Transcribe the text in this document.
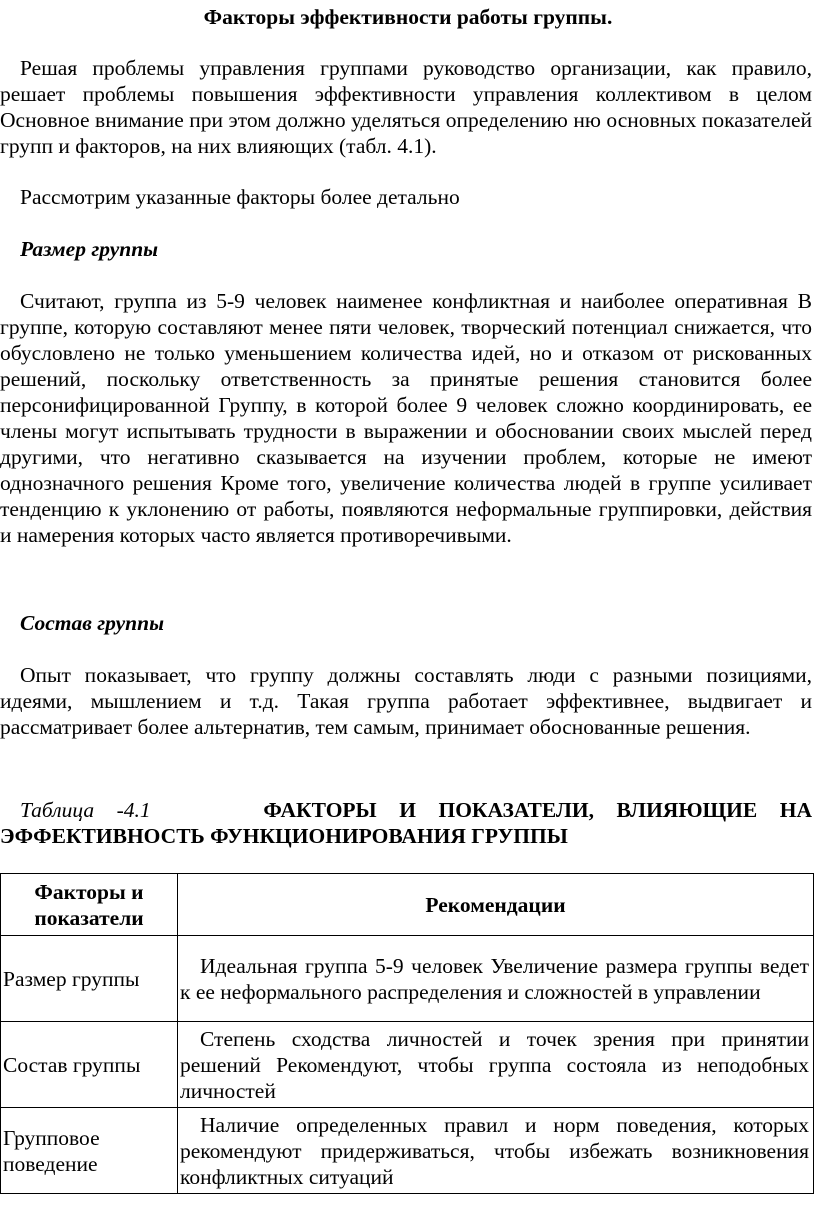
Факторы эффективности работы группы.

Решая проблемы управления группами руководство организации, как правило, решает проблемы повышения эффективности управления коллективом в целом Основное внимание при этом должно уделяться определению ню основных показателей групп и факторов, на них влияющих (табл. 4.1).

Рассмотрим указанные факторы более детально

Размер группы

Считают, группа из 5-9 человек наименее конфликтная и наиболее оперативная В группе, которую составляют менее пяти человек, творческий потенциал снижается, что обусловлено не только уменьшением количества идей, но и отказом от рискованных решений, поскольку ответственность за принятые решения становится более персонифицированной Группу, в которой более 9 человек сложно координировать, ее члены могут испытывать трудности в выражении и обосновании своих мыслей перед другими, что негативно сказывается на изучении проблем, которые не имеют однозначного решения Кроме того, увеличение количества людей в группе усиливает тенденцию к уклонению от работы, появляются неформальные группировки, действия и намерения которых часто является противоречивыми.

Состав группы

Опыт показывает, что группу должны составлять люди с разными позициями, идеями, мышлением и т.д. Такая группа работает эффективнее, выдвигает и рассматривает более альтернатив, тем самым, принимает обоснованные решения.

Таблица -4.1	ФАКТОРЫ И ПОКАЗАТЕЛИ, ВЛИЯЮЩИЕ НА ЭФФЕКТИВНОСТЬ ФУНКЦИОНИРОВАНИЯ ГРУППЫ

Факторы и показатели	Рекомендации
Размер группы	Идеальная группа 5-9 человек Увеличение размера группы ведет к ее неформального распределения и сложностей в управлении
Состав группы	Степень сходства личностей и точек зрения при принятии решений Рекомендуют, чтобы группа состояла из неподобных личностей
Групповое поведение	Наличие определенных правил и норм поведения, которых рекомендуют придерживаться, чтобы избежать возникновения конфликтных ситуаций
